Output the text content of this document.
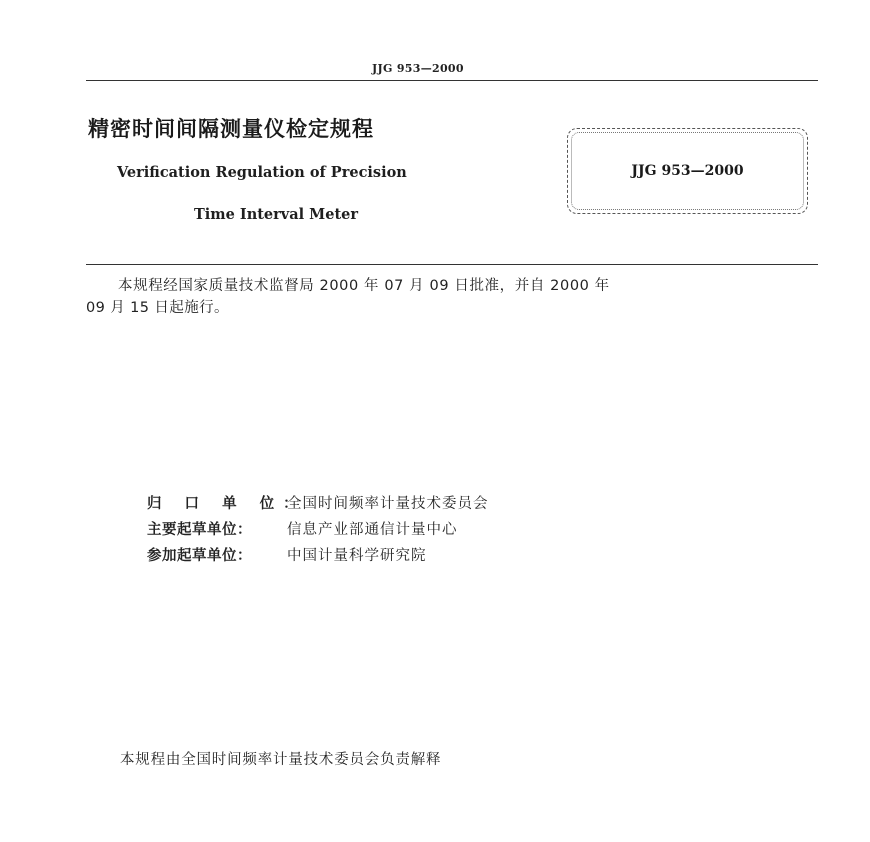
JJG 953—2000
精密时间间隔测量仪检定规程
Verification Regulation of Precision
Time Interval Meter
JJG 953—2000
本规程经国家质量技术监督局 2000 年 07 月 09 日批准，并自 2000 年
09 月 15 日起施行。
归 口 单 位：
全国时间频率计量技术委员会
主要起草单位：	信息产业部通信计量中心
参加起草单位：	中国计量科学研究院
本规程由全国时间频率计量技术委员会负责解释
